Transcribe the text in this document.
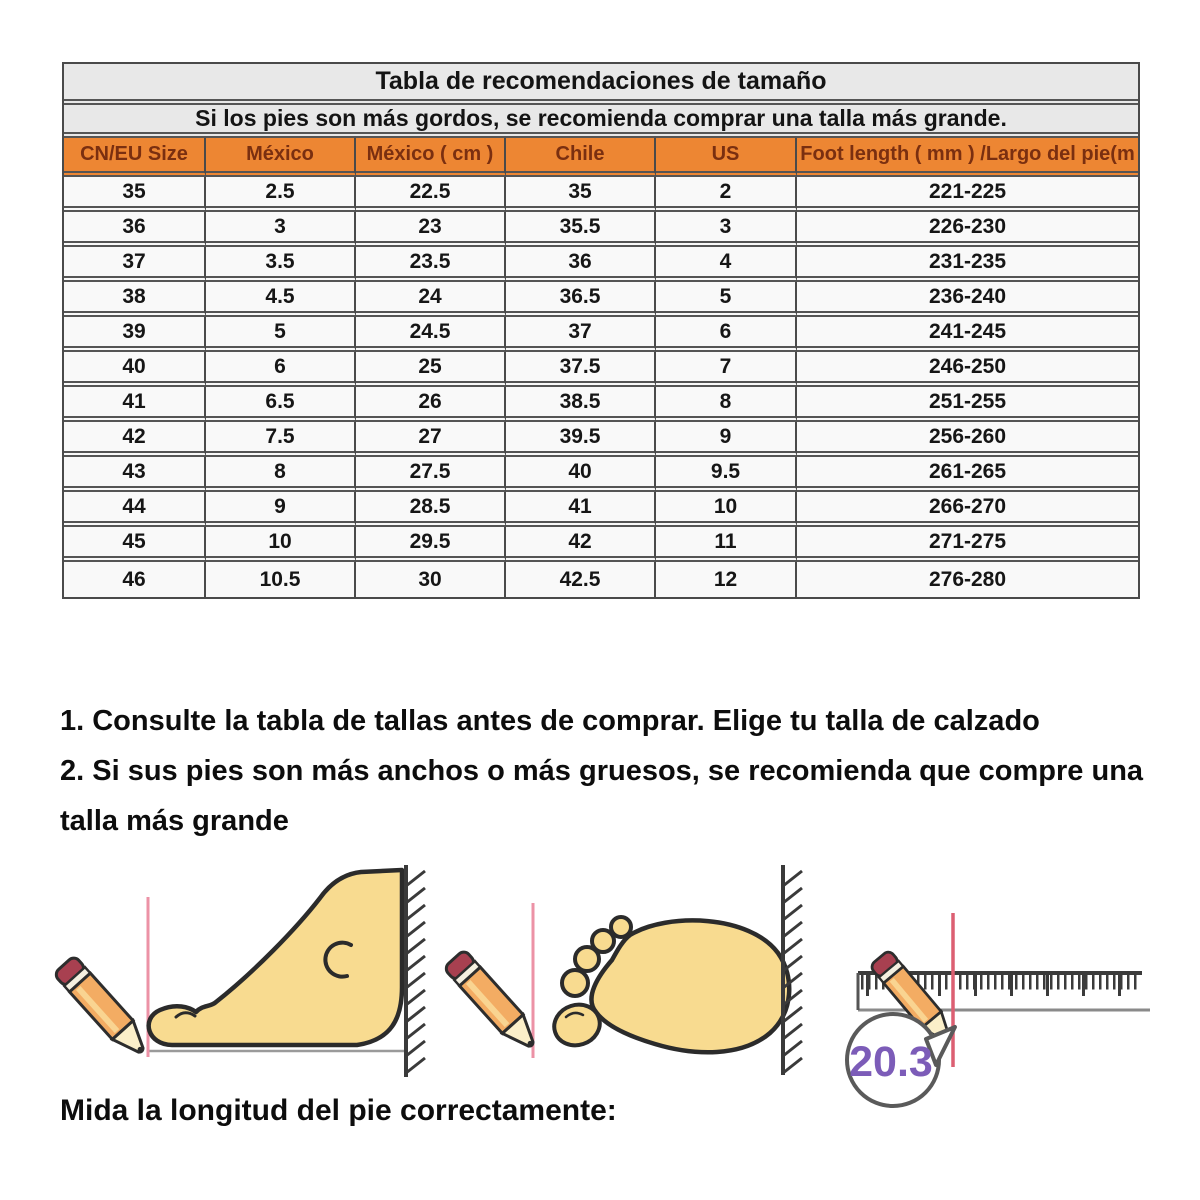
Tabla de recomendaciones de tamaño					
Si los pies son más gordos, se recomienda comprar una talla más grande.					
CN/EU Size	México	México ( cm )	Chile	US	Foot length ( mm ) /Largo del pie(m
35	2.5	22.5	35	2	221-225
36	3	23	35.5	3	226-230
37	3.5	23.5	36	4	231-235
38	4.5	24	36.5	5	236-240
39	5	24.5	37	6	241-245
40	6	25	37.5	7	246-250
41	6.5	26	38.5	8	251-255
42	7.5	27	39.5	9	256-260
43	8	27.5	40	9.5	261-265
44	9	28.5	41	10	266-270
45	10	29.5	42	11	271-275
46	10.5	30	42.5	12	276-280
1. Consulte la tabla de tallas antes de comprar. Elige tu talla de calzado
2. Si sus pies son más anchos o más gruesos, se recomienda que compre una
talla más grande
20.3
Mida la longitud del pie correctamente:
